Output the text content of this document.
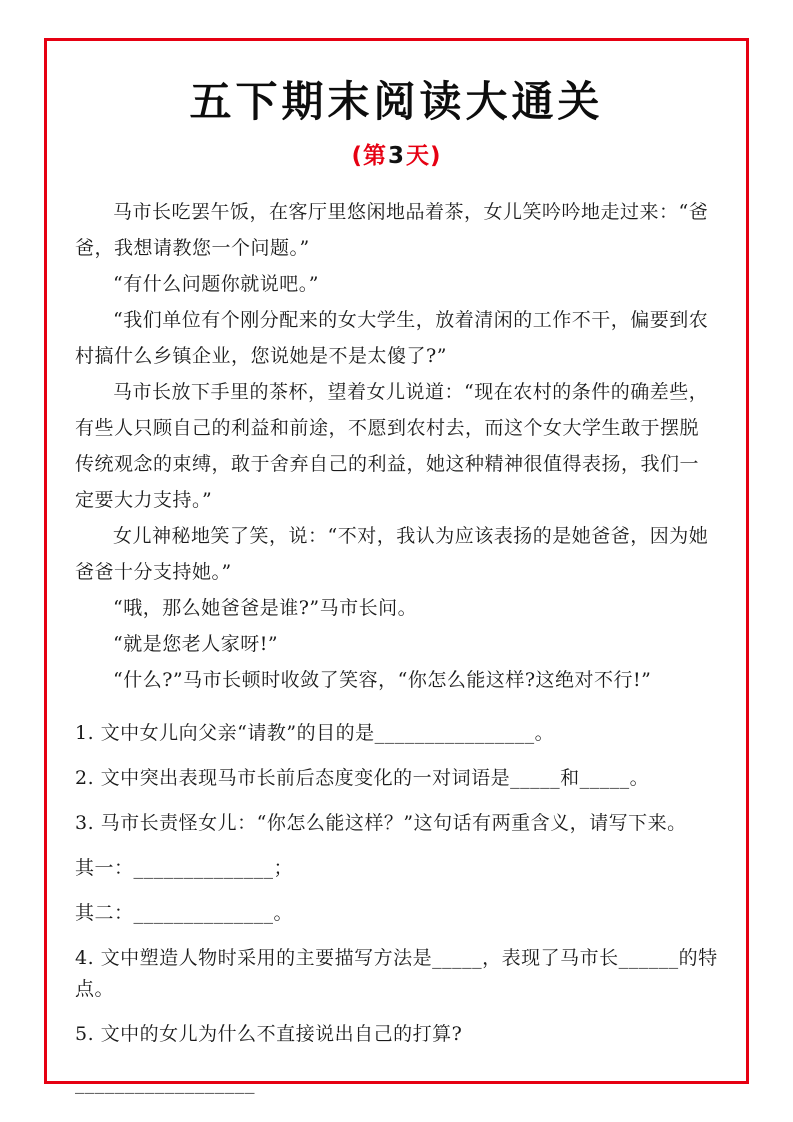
五下期末阅读大通关
(第3天)

马市长吃罢午饭，在客厅里悠闲地品着茶，女儿笑吟吟地走过来：“爸爸，我想请教您一个问题。”

“有什么问题你就说吧。”

“我们单位有个刚分配来的女大学生，放着清闲的工作不干，偏要到农村搞什么乡镇企业，您说她是不是太傻了?”

马市长放下手里的茶杯，望着女儿说道：“现在农村的条件的确差些，有些人只顾自己的利益和前途，不愿到农村去，而这个女大学生敢于摆脱传统观念的束缚，敢于舍弃自己的利益，她这种精神很值得表扬，我们一定要大力支持。”

女儿神秘地笑了笑，说：“不对，我认为应该表扬的是她爸爸，因为她爸爸十分支持她。”

“哦，那么她爸爸是谁?”马市长问。

“就是您老人家呀!”

“什么?”马市长顿时收敛了笑容，“你怎么能这样?这绝对不行!”

1. 文中女儿向父亲“请教”的目的是________________。

2. 文中突出表现马市长前后态度变化的一对词语是_____和_____。

3. 马市长责怪女儿：“你怎么能这样？”这句话有两重含义，请写下来。

其一：______________；

其二：______________。

4. 文中塑造人物时采用的主要描写方法是_____，表现了马市长______的特点。

5. 文中的女儿为什么不直接说出自己的打算?

__________________
